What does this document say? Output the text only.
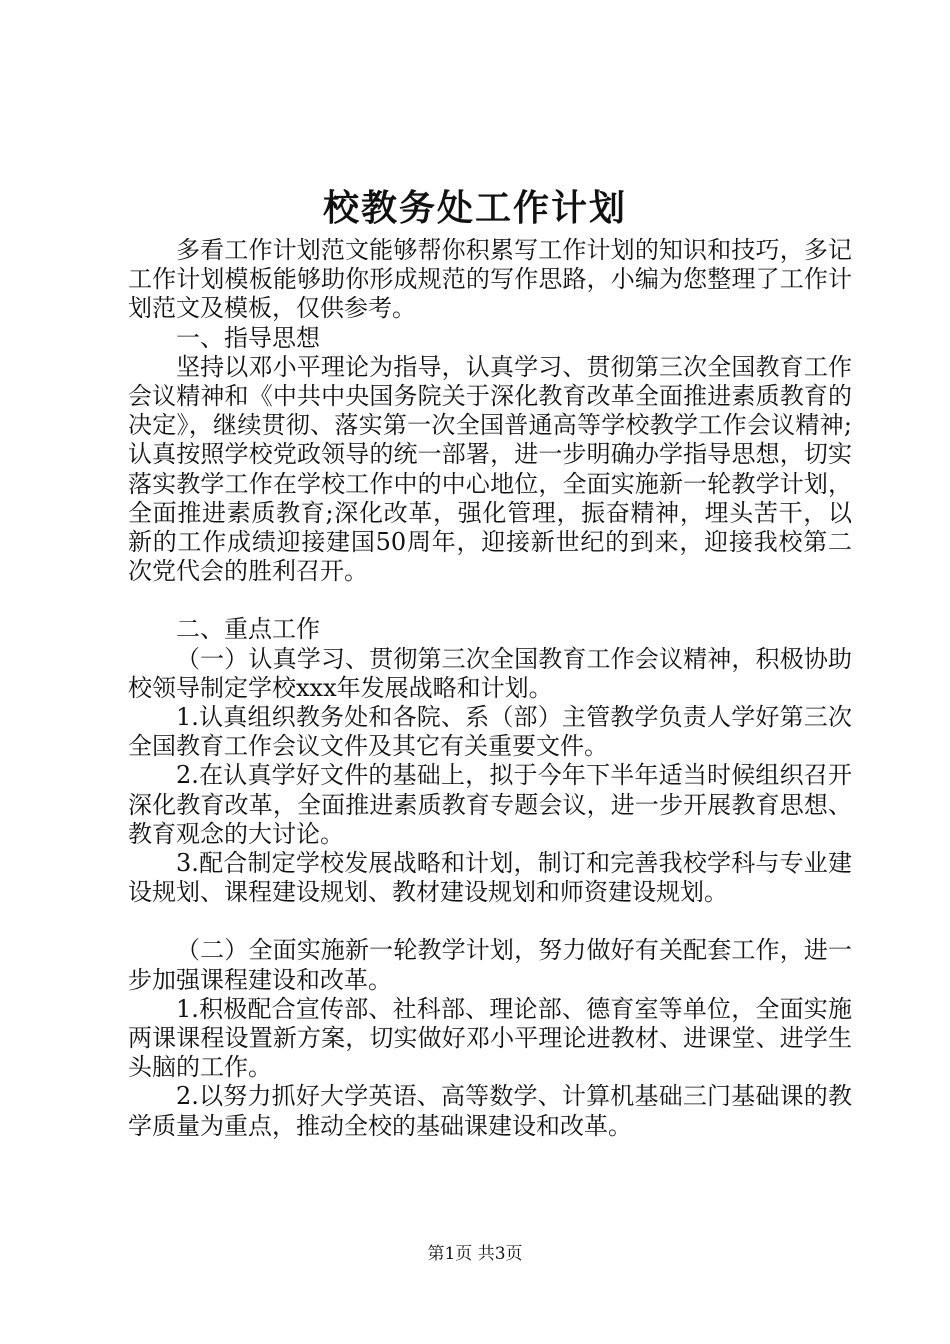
校教务处工作计划

多看工作计划范文能够帮你积累写工作计划的知识和技巧，多记工作计划模板能够助你形成规范的写作思路，小编为您整理了工作计划范文及模板，仅供参考。

一、指导思想

坚持以邓小平理论为指导，认真学习、贯彻第三次全国教育工作会议精神和《中共中央国务院关于深化教育改革全面推进素质教育的决定》，继续贯彻、落实第一次全国普通高等学校教学工作会议精神;认真按照学校党政领导的统一部署，进一步明确办学指导思想，切实落实教学工作在学校工作中的中心地位，全面实施新一轮教学计划，全面推进素质教育;深化改革，强化管理，振奋精神，埋头苦干，以新的工作成绩迎接建国50周年，迎接新世纪的到来，迎接我校第二次党代会的胜利召开。

二、重点工作

（一）认真学习、贯彻第三次全国教育工作会议精神，积极协助校领导制定学校xxx年发展战略和计划。

1.认真组织教务处和各院、系（部）主管教学负责人学好第三次全国教育工作会议文件及其它有关重要文件。

2.在认真学好文件的基础上，拟于今年下半年适当时候组织召开深化教育改革，全面推进素质教育专题会议，进一步开展教育思想、教育观念的大讨论。

3.配合制定学校发展战略和计划，制订和完善我校学科与专业建设规划、课程建设规划、教材建设规划和师资建设规划。

（二）全面实施新一轮教学计划，努力做好有关配套工作，进一步加强课程建设和改革。

1.积极配合宣传部、社科部、理论部、德育室等单位，全面实施两课课程设置新方案，切实做好邓小平理论进教材、进课堂、进学生头脑的工作。

2.以努力抓好大学英语、高等数学、计算机基础三门基础课的教学质量为重点，推动全校的基础课建设和改革。

第1页 共3页
